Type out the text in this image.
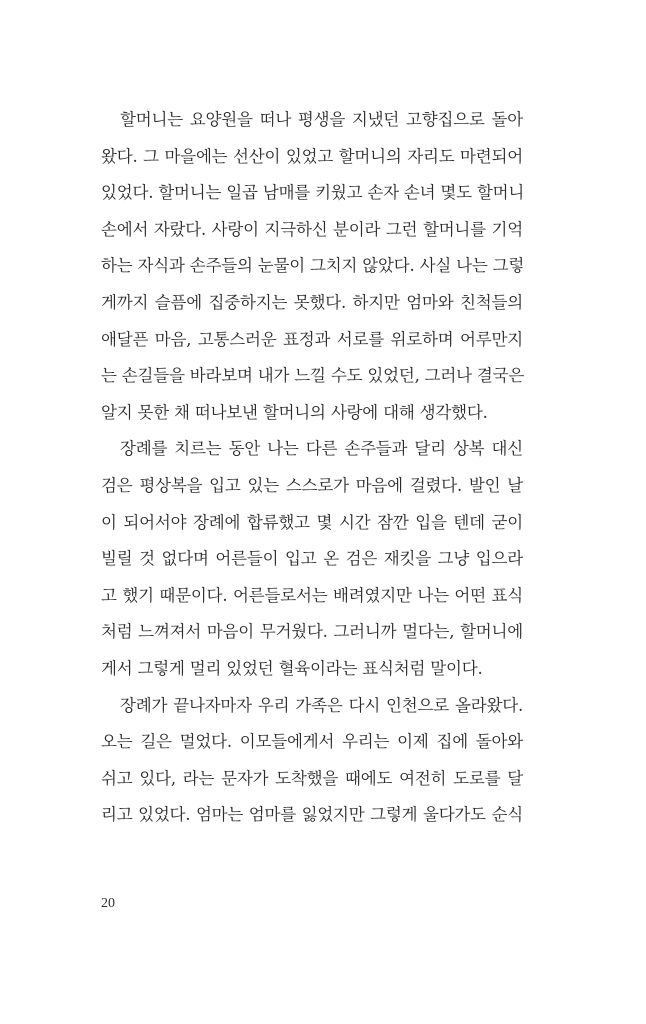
할머니는 요양원을 떠나 평생을 지냈던 고향집으로 돌아
왔다. 그 마을에는 선산이 있었고 할머니의 자리도 마련되어
있었다. 할머니는 일곱 남매를 키웠고 손자 손녀 몇도 할머니
손에서 자랐다. 사랑이 지극하신 분이라 그런 할머니를 기억
하는 자식과 손주들의 눈물이 그치지 않았다. 사실 나는 그렇
게까지 슬픔에 집중하지는 못했다. 하지만 엄마와 친척들의
애달픈 마음, 고통스러운 표정과 서로를 위로하며 어루만지
는 손길들을 바라보며 내가 느낄 수도 있었던, 그러나 결국은
알지 못한 채 떠나보낸 할머니의 사랑에 대해 생각했다.
장례를 치르는 동안 나는 다른 손주들과 달리 상복 대신
검은 평상복을 입고 있는 스스로가 마음에 걸렸다. 발인 날
이 되어서야 장례에 합류했고 몇 시간 잠깐 입을 텐데 굳이
빌릴 것 없다며 어른들이 입고 온 검은 재킷을 그냥 입으라
고 했기 때문이다. 어른들로서는 배려였지만 나는 어떤 표식
처럼 느껴져서 마음이 무거웠다. 그러니까 멀다는, 할머니에
게서 그렇게 멀리 있었던 혈육이라는 표식처럼 말이다.
장례가 끝나자마자 우리 가족은 다시 인천으로 올라왔다.
오는 길은 멀었다. 이모들에게서 우리는 이제 집에 돌아와
쉬고 있다, 라는 문자가 도착했을 때에도 여전히 도로를 달
리고 있었다. 엄마는 엄마를 잃었지만 그렇게 울다가도 순식
20
